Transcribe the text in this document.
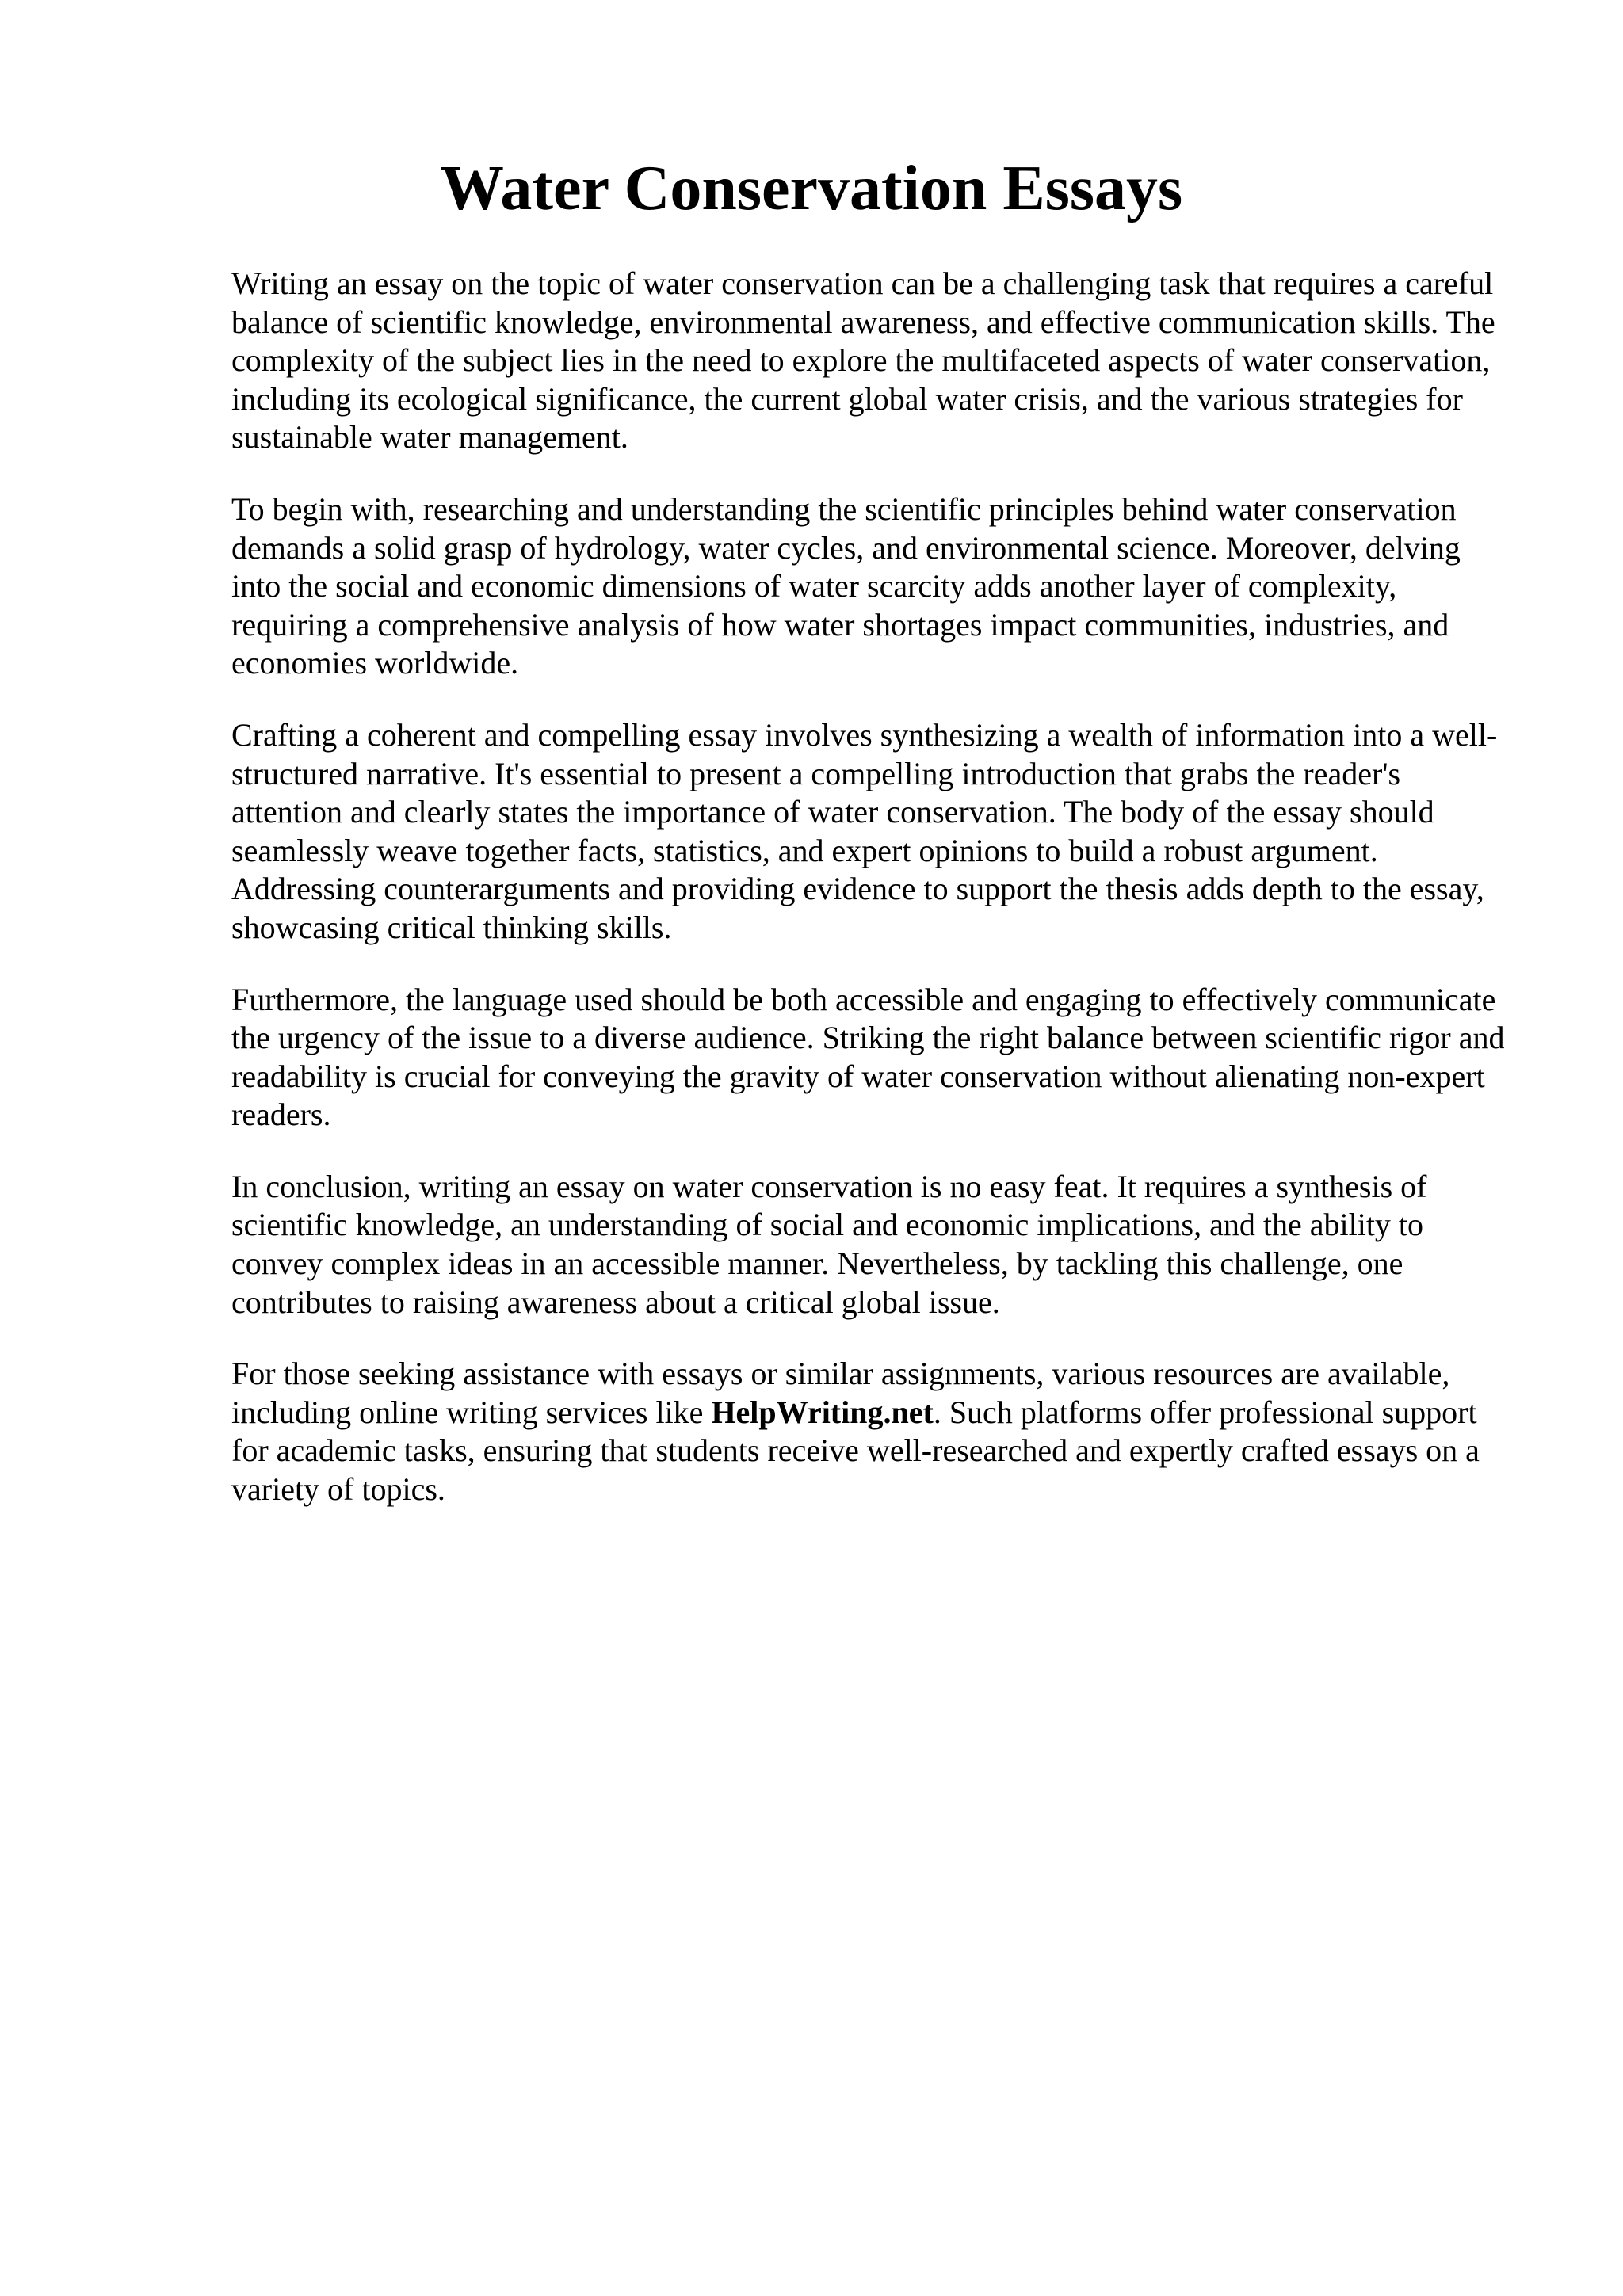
Water Conservation Essays

Writing an essay on the topic of water conservation can be a challenging task that requires a careful balance of scientific knowledge, environmental awareness, and effective communication skills. The complexity of the subject lies in the need to explore the multifaceted aspects of water conservation, including its ecological significance, the current global water crisis, and the various strategies for sustainable water management.

To begin with, researching and understanding the scientific principles behind water conservation demands a solid grasp of hydrology, water cycles, and environmental science. Moreover, delving into the social and economic dimensions of water scarcity adds another layer of complexity, requiring a comprehensive analysis of how water shortages impact communities, industries, and economies worldwide.

Crafting a coherent and compelling essay involves synthesizing a wealth of information into a well-structured narrative. It's essential to present a compelling introduction that grabs the reader's attention and clearly states the importance of water conservation. The body of the essay should seamlessly weave together facts, statistics, and expert opinions to build a robust argument. Addressing counterarguments and providing evidence to support the thesis adds depth to the essay, showcasing critical thinking skills.

Furthermore, the language used should be both accessible and engaging to effectively communicate the urgency of the issue to a diverse audience. Striking the right balance between scientific rigor and readability is crucial for conveying the gravity of water conservation without alienating non-expert readers.

In conclusion, writing an essay on water conservation is no easy feat. It requires a synthesis of scientific knowledge, an understanding of social and economic implications, and the ability to convey complex ideas in an accessible manner. Nevertheless, by tackling this challenge, one contributes to raising awareness about a critical global issue.

For those seeking assistance with essays or similar assignments, various resources are available, including online writing services like HelpWriting.net. Such platforms offer professional support for academic tasks, ensuring that students receive well-researched and expertly crafted essays on a variety of topics.
